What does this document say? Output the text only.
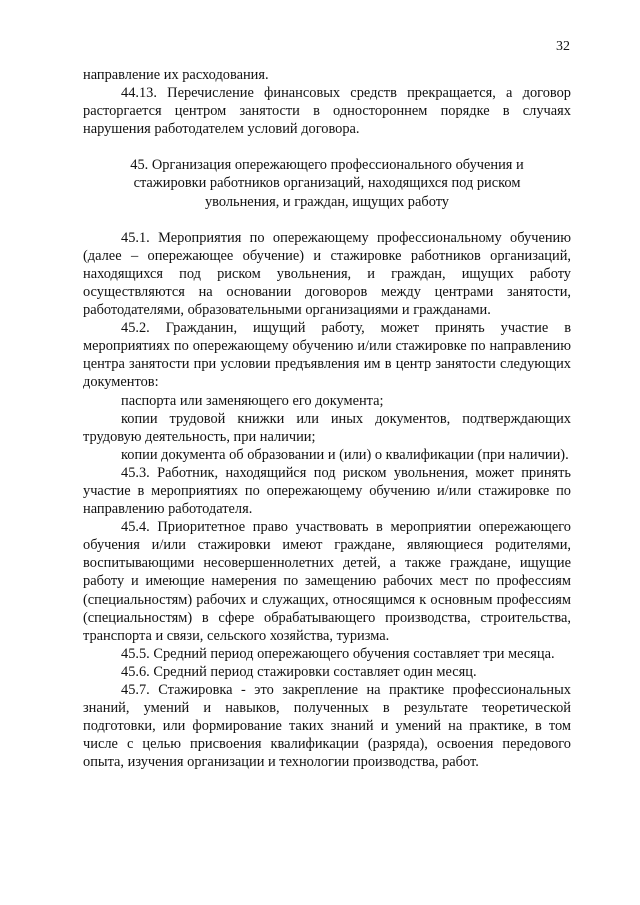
32

направление их расходования.

44.13. Перечисление финансовых средств прекращается, а договор расторгается центром занятости в одностороннем порядке в случаях нарушения работодателем условий договора.

45. Организация опережающего профессионального обучения и стажировки работников организаций, находящихся под риском увольнения, и граждан, ищущих работу

45.1. Мероприятия по опережающему профессиональному обучению (далее – опережающее обучение) и стажировке работников организаций, находящихся под риском увольнения, и граждан, ищущих работу осуществляются на основании договоров между центрами занятости, работодателями, образовательными организациями и гражданами.

45.2. Гражданин, ищущий работу, может принять участие в мероприятиях по опережающему обучению и/или стажировке по направлению центра занятости при условии предъявления им в центр занятости следующих документов:

паспорта или заменяющего его документа;

копии трудовой книжки или иных документов, подтверждающих трудовую деятельность, при наличии;

копии документа об образовании и (или) о квалификации (при наличии).

45.3. Работник, находящийся под риском увольнения, может принять участие в мероприятиях по опережающему обучению и/или стажировке по направлению работодателя.

45.4. Приоритетное право участвовать в мероприятии опережающего обучения и/или стажировки имеют граждане, являющиеся родителями, воспитывающими несовершеннолетних детей, а также граждане, ищущие работу и имеющие намерения по замещению рабочих мест по профессиям (специальностям) рабочих и служащих, относящимся к основным профессиям (специальностям) в сфере обрабатывающего производства, строительства, транспорта и связи, сельского хозяйства, туризма.

45.5. Средний период опережающего обучения составляет три месяца.

45.6. Средний период стажировки составляет один месяц.

45.7. Стажировка - это закрепление на практике профессиональных знаний, умений и навыков, полученных в результате теоретической подготовки, или формирование таких знаний и умений на практике, в том числе с целью присвоения квалификации (разряда), освоения передового опыта, изучения организации и технологии производства, работ.
